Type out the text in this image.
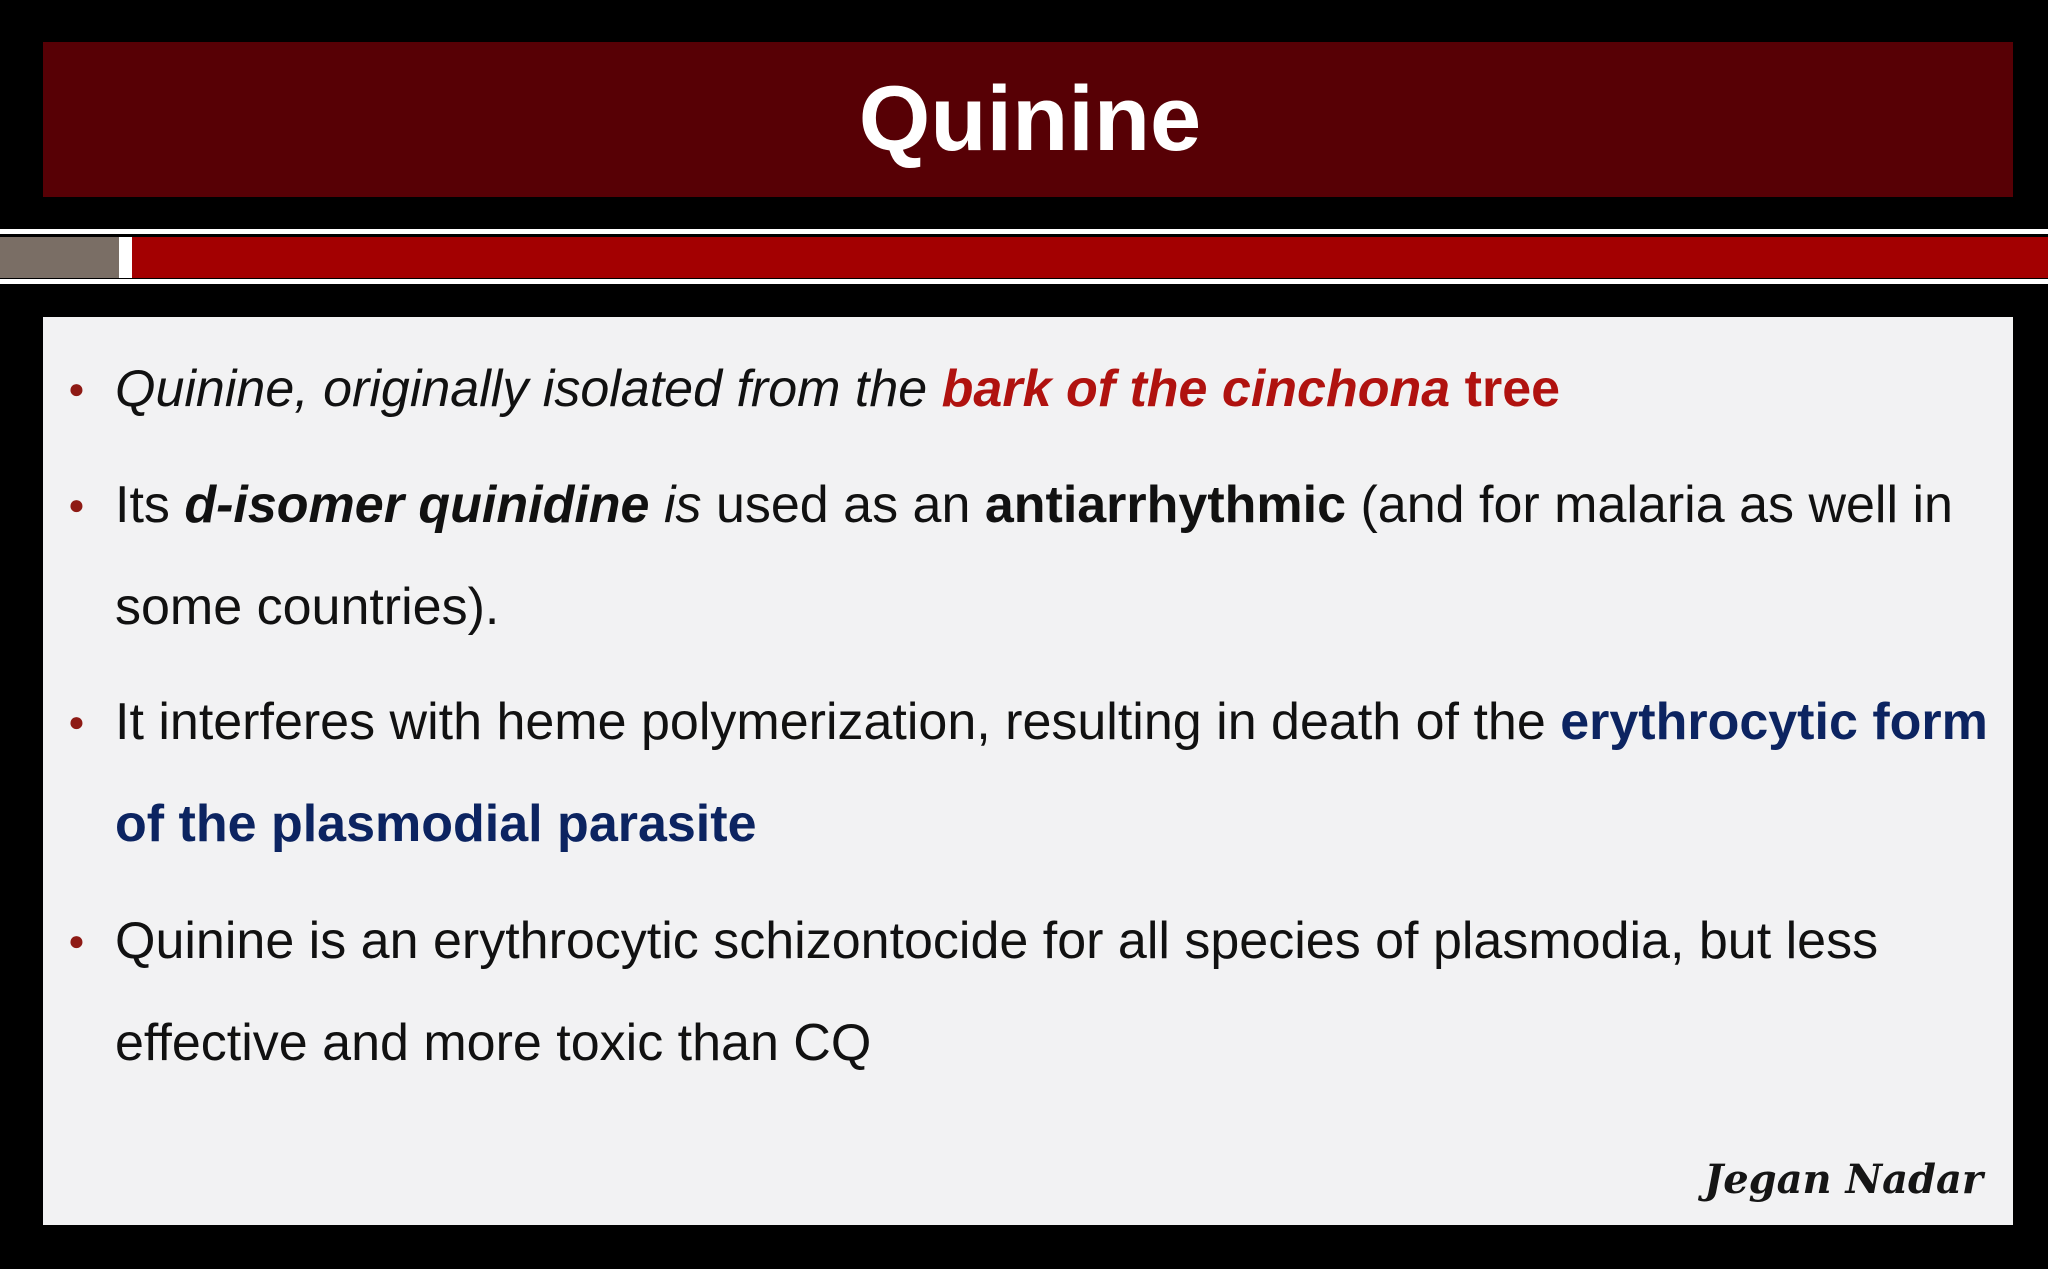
Quinine
● Quinine, originally isolated from the bark of the cinchona tree
● Its d-isomer quinidine is used as an antiarrhythmic (and for malaria as well in some countries).
● It interferes with heme polymerization, resulting in death of the erythrocytic form of the plasmodial parasite
● Quinine is an erythrocytic schizontocide for all species of plasmodia, but less effective and more toxic than CQ
Jegan Nadar
